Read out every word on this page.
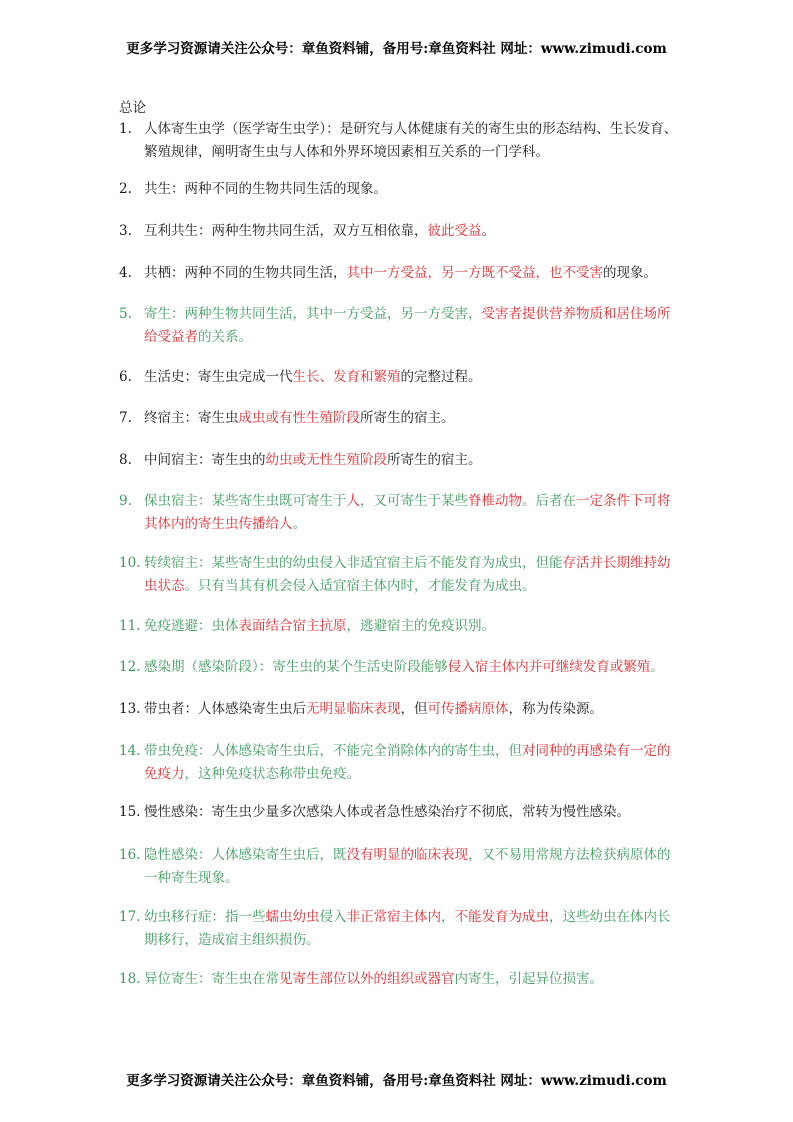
更多学习资源请关注公众号：章鱼资料铺，备用号:章鱼资料社 网址：www.zimudi.com
总论
1. 人体寄生虫学（医学寄生虫学）：是研究与人体健康有关的寄生虫的形态结构、生长发育、繁殖规律，阐明寄生虫与人体和外界环境因素相互关系的一门学科。
2. 共生：两种不同的生物共同生活的现象。
3. 互利共生：两种生物共同生活，双方互相依靠，彼此受益。
4. 共栖：两种不同的生物共同生活，其中一方受益，另一方既不受益，也不受害的现象。
5. 寄生：两种生物共同生活，其中一方受益，另一方受害，受害者提供营养物质和居住场所给受益者的关系。
6. 生活史：寄生虫完成一代生长、发育和繁殖的完整过程。
7. 终宿主：寄生虫成虫或有性生殖阶段所寄生的宿主。
8. 中间宿主：寄生虫的幼虫或无性生殖阶段所寄生的宿主。
9. 保虫宿主：某些寄生虫既可寄生于人，又可寄生于某些脊椎动物。后者在一定条件下可将其体内的寄生虫传播给人。
10. 转续宿主：某些寄生虫的幼虫侵入非适宜宿主后不能发育为成虫，但能存活并长期维持幼虫状态。只有当其有机会侵入适宜宿主体内时，才能发育为成虫。
11. 免疫逃避：虫体表面结合宿主抗原，逃避宿主的免疫识别。
12. 感染期（感染阶段）：寄生虫的某个生活史阶段能够侵入宿主体内并可继续发育或繁殖。
13. 带虫者：人体感染寄生虫后无明显临床表现，但可传播病原体，称为传染源。
14. 带虫免疫：人体感染寄生虫后，不能完全消除体内的寄生虫，但对同种的再感染有一定的免疫力，这种免疫状态称带虫免疫。
15. 慢性感染：寄生虫少量多次感染人体或者急性感染治疗不彻底，常转为慢性感染。
16. 隐性感染：人体感染寄生虫后，既没有明显的临床表现，又不易用常规方法检获病原体的一种寄生现象。
17. 幼虫移行症：指一些蠕虫幼虫侵入非正常宿主体内，不能发育为成虫，这些幼虫在体内长期移行，造成宿主组织损伤。
18. 异位寄生：寄生虫在常见寄生部位以外的组织或器官内寄生，引起异位损害。
更多学习资源请关注公众号：章鱼资料铺，备用号:章鱼资料社 网址：www.zimudi.com
